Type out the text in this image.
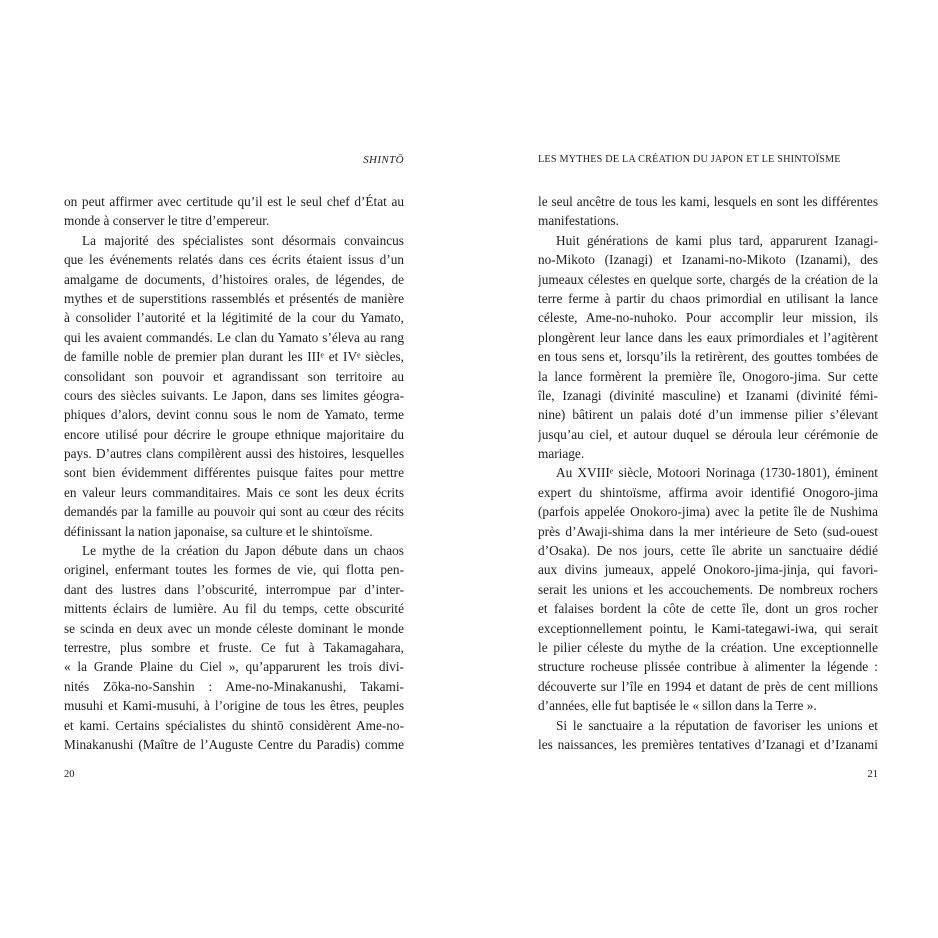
SHINTŌ
on peut affirmer avec certitude qu’il est le seul chef d’État au
monde à conserver le titre d’empereur.
La majorité des spécialistes sont désormais convaincus
que les événements relatés dans ces écrits étaient issus d’un
amalgame de documents, d’histoires orales, de légendes, de
mythes et de superstitions rassemblés et présentés de manière
à consolider l’autorité et la légitimité de la cour du Yamato,
qui les avaient commandés. Le clan du Yamato s’éleva au rang
de famille noble de premier plan durant les IIIᵉ et IVᵉ siècles,
consolidant son pouvoir et agrandissant son territoire au
cours des siècles suivants. Le Japon, dans ses limites géogra-
phiques d’alors, devint connu sous le nom de Yamato, terme
encore utilisé pour décrire le groupe ethnique majoritaire du
pays. D’autres clans compilèrent aussi des histoires, lesquelles
sont bien évidemment différentes puisque faites pour mettre
en valeur leurs commanditaires. Mais ce sont les deux écrits
demandés par la famille au pouvoir qui sont au cœur des récits
définissant la nation japonaise, sa culture et le shintoïsme.
Le mythe de la création du Japon débute dans un chaos
originel, enfermant toutes les formes de vie, qui flotta pen-
dant des lustres dans l’obscurité, interrompue par d’inter-
mittents éclairs de lumière. Au fil du temps, cette obscurité
se scinda en deux avec un monde céleste dominant le monde
terrestre, plus sombre et fruste. Ce fut à Takamagahara,
« la Grande Plaine du Ciel », qu’apparurent les trois divi-
nités Zōka-no-Sanshin : Ame-no-Minakanushi, Takami-
musuhi et Kami-musuhi, à l’origine de tous les êtres, peuples
et kami. Certains spécialistes du shintō considèrent Ame-no-
Minakanushi (Maître de l’Auguste Centre du Paradis) comme
20
LES MYTHES DE LA CRÉATION DU JAPON ET LE SHINTOÏSME
le seul ancêtre de tous les kami, lesquels en sont les différentes
manifestations.
Huit générations de kami plus tard, apparurent Izanagi-
no-Mikoto (Izanagi) et Izanami-no-Mikoto (Izanami), des
jumeaux célestes en quelque sorte, chargés de la création de la
terre ferme à partir du chaos primordial en utilisant la lance
céleste, Ame-no-nuhoko. Pour accomplir leur mission, ils
plongèrent leur lance dans les eaux primordiales et l’agitèrent
en tous sens et, lorsqu’ils la retirèrent, des gouttes tombées de
la lance formèrent la première île, Onogoro-jima. Sur cette
île, Izanagi (divinité masculine) et Izanami (divinité fémi-
nine) bâtirent un palais doté d’un immense pilier s’élevant
jusqu’au ciel, et autour duquel se déroula leur cérémonie de
mariage.
Au XVIIIᵉ siècle, Motoori Norinaga (1730-1801), éminent
expert du shintoïsme, affirma avoir identifié Onogoro-jima
(parfois appelée Onokoro-jima) avec la petite île de Nushima
près d’Awaji-shima dans la mer intérieure de Seto (sud-ouest
d’Osaka). De nos jours, cette île abrite un sanctuaire dédié
aux divins jumeaux, appelé Onokoro-jima-jinja, qui favori-
serait les unions et les accouchements. De nombreux rochers
et falaises bordent la côte de cette île, dont un gros rocher
exceptionnellement pointu, le Kami-tategawi-iwa, qui serait
le pilier céleste du mythe de la création. Une exceptionnelle
structure rocheuse plissée contribue à alimenter la légende :
découverte sur l’île en 1994 et datant de près de cent millions
d’années, elle fut baptisée le « sillon dans la Terre ».
Si le sanctuaire a la réputation de favoriser les unions et
les naissances, les premières tentatives d’Izanagi et d’Izanami
21
